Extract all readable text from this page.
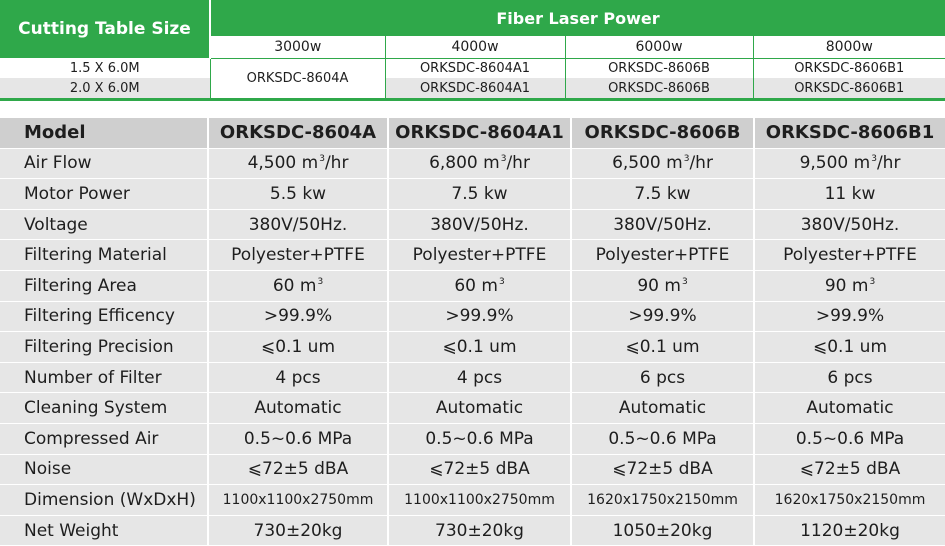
Cutting Table Size	Fiber Laser Power			
	3000w	4000w	6000w	8000w
1.5 X 6.0M	ORKSDC-8604A	ORKSDC-8604A1	ORKSDC-8606B	ORKSDC-8606B1
2.0 X 6.0M		ORKSDC-8604A1	ORKSDC-8606B	ORKSDC-8606B1
Model	ORKSDC-8604A	ORKSDC-8604A1	ORKSDC-8606B	ORKSDC-8606B1
Air Flow	4,500 $m^3/hr$	6,800 $m^3/hr$	6,500 $m^3/hr$	9,500 $m^3/hr$
Motor Power	5.5 kw	7.5 kw	7.5 kw	11 kw
Voltage	380V/50Hz.	380V/50Hz.	380V/50Hz.	380V/50Hz.
Filtering Material	Polyester+PTFE	Polyester+PTFE	Polyester+PTFE	Polyester+PTFE
Filtering Area	60 $m^3$	60 $m^3$	90 $m^3$	90 $m^3$
Filtering Efficency	>99.9%	>99.9%	>99.9%	>99.9%
Filtering Precision	⩽0.1 um	⩽0.1 um	⩽0.1 um	⩽0.1 um
Number of Filter	4 pcs	4 pcs	6 pcs	6 pcs
Cleaning System	Automatic	Automatic	Automatic	Automatic
Compressed Air	0.5~0.6 MPa	0.5~0.6 MPa	0.5~0.6 MPa	0.5~0.6 MPa
Noise	⩽72±5 dBA	⩽72±5 dBA	⩽72±5 dBA	⩽72±5 dBA
Dimension (WxDxH)	1100x1100x2750mm	1100x1100x2750mm	1620x1750x2150mm	1620x1750x2150mm
Net Weight	730±20kg	730±20kg	1050±20kg	1120±20kg
